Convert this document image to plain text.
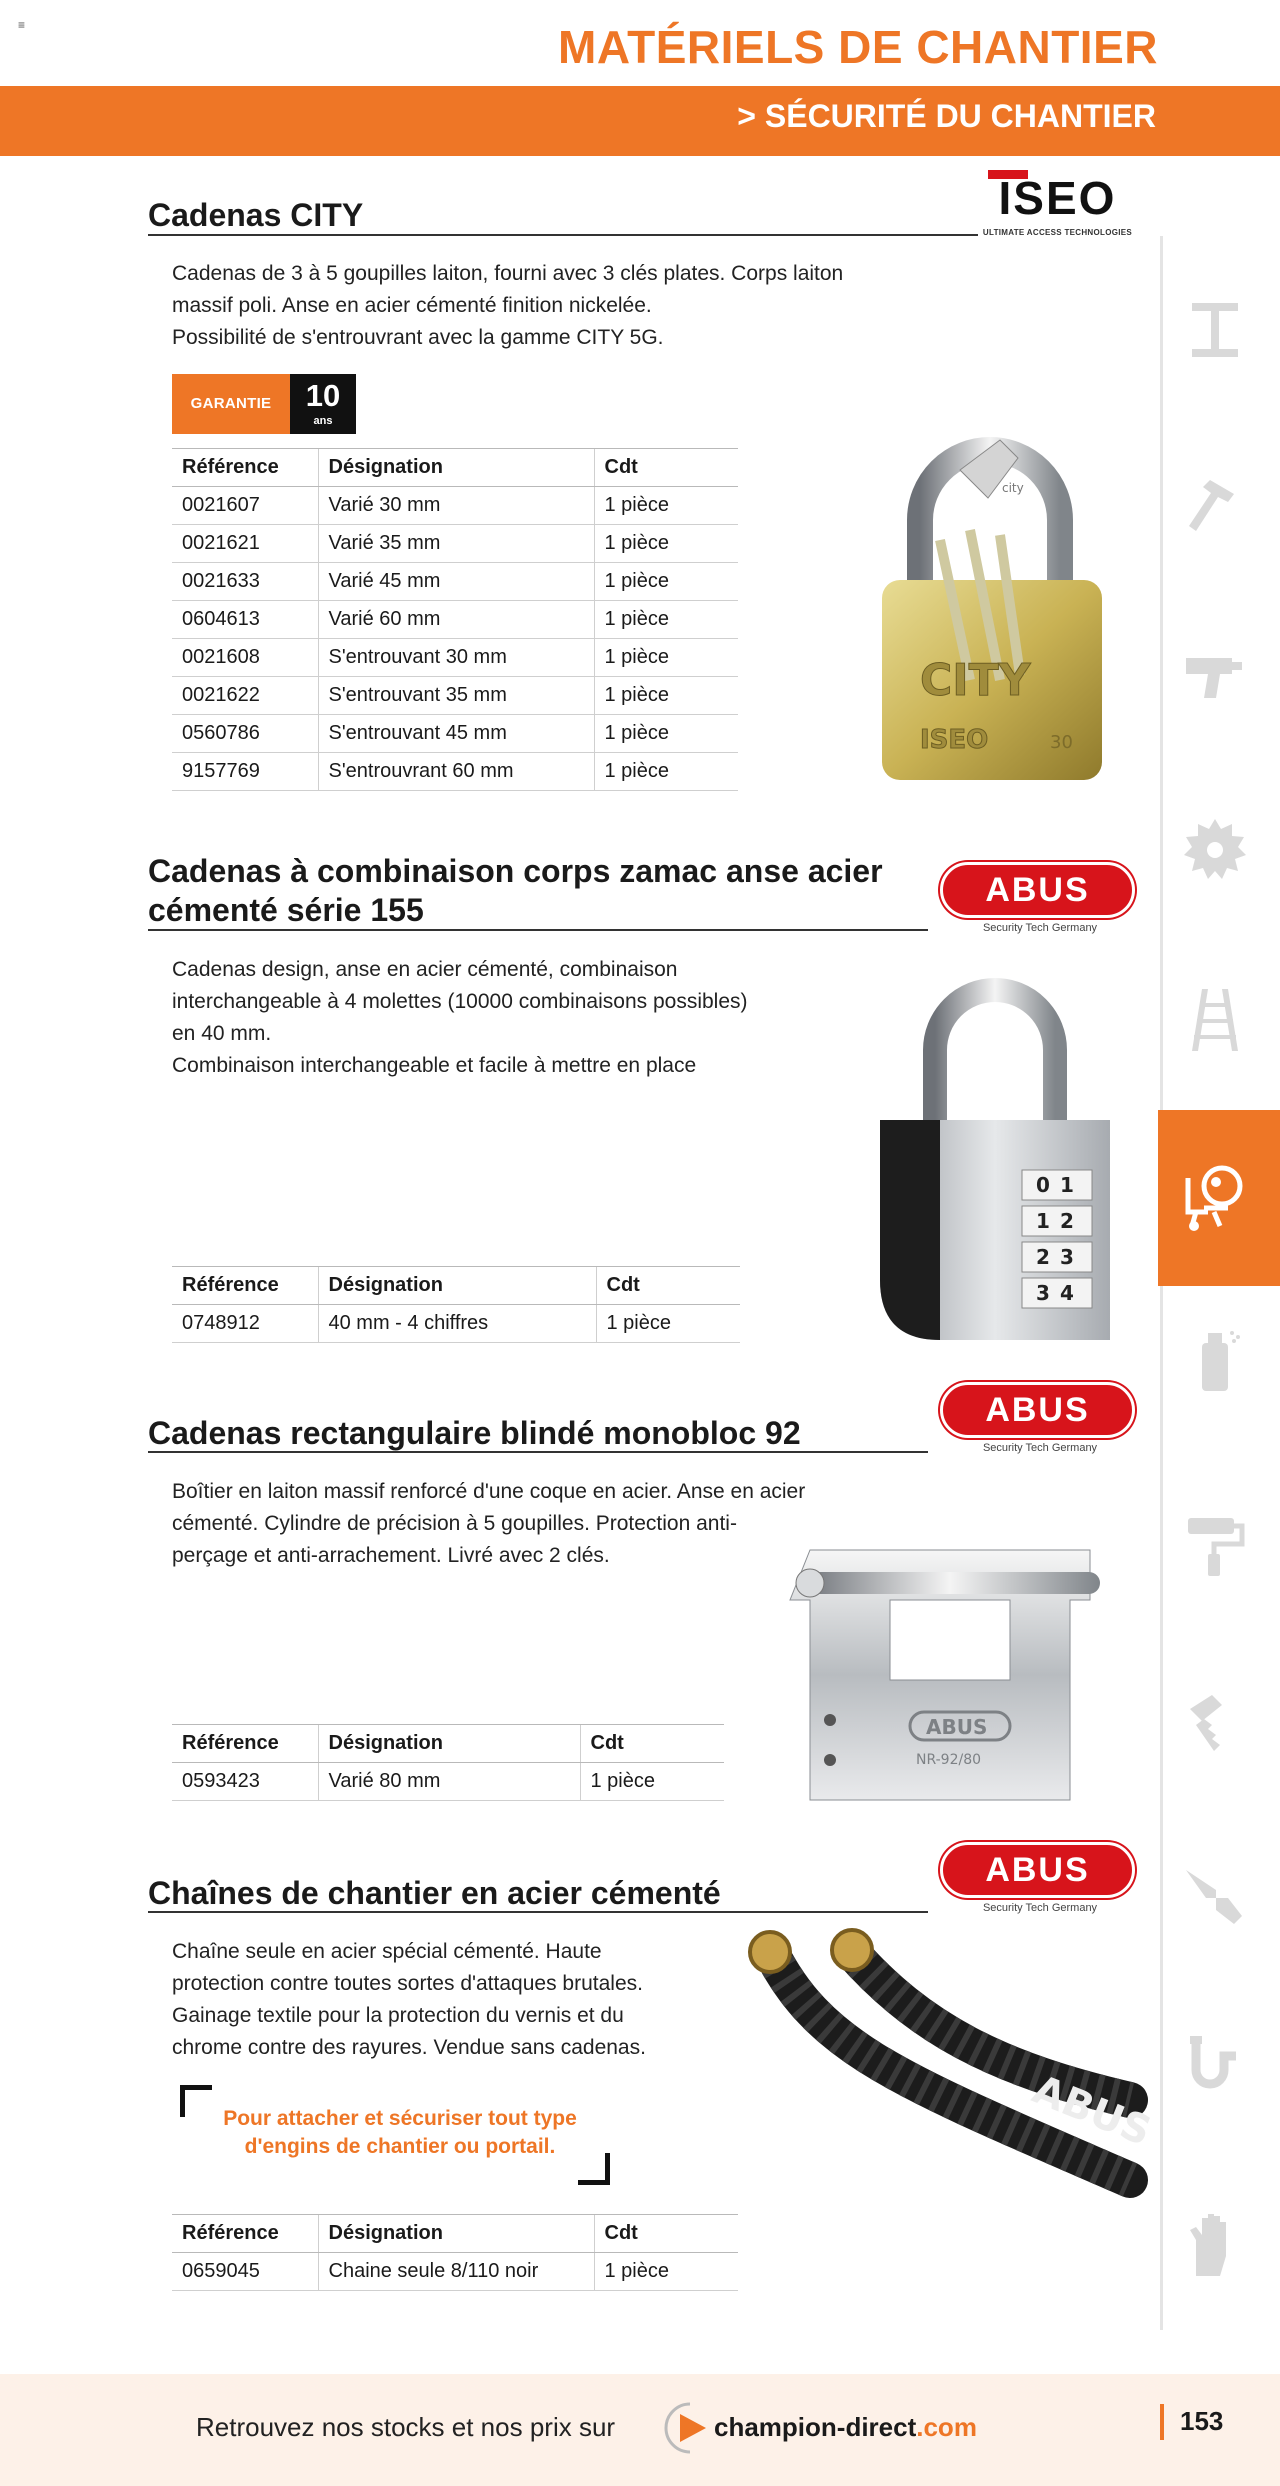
≡	MATÉRIELS DE CHANTIER
> SÉCURITÉ DU CHANTIER
Cadenas CITY	ISEO
ULTIMATE ACCESS TECHNOLOGIES

Cadenas de 3 à 5 goupilles laiton, fourni avec 3 clés plates. Corps laiton

massif poli. Anse en acier cémenté finition nickelée.

Possibilité de s'entrouvrant avec la gamme CITY 5G.

GARANTIE	10
ans
Référence	Désignation	Cdt
0021607	Varié 30 mm	1 pièce
0021621	Varié 35 mm	1 pièce
0021633	Varié 45 mm	1 pièce
0604613	Varié 60 mm	1 pièce
0021608	S'entrouvant 30 mm	1 pièce
0021622	S'entrouvant 35 mm	1 pièce
0560786	S'entrouvant 45 mm	1 pièce
9157769	S'entrouvrant 60 mm	1 pièce
CITY
ISEO	30
city
Cadenas à combinaison corps zamac anse acier
cémenté série 155
ABUS
Security Tech Germany

Cadenas design, anse en acier cémenté, combinaison

interchangeable à 4 molettes (10000 combinaisons possibles)

en 40 mm.

Combinaison interchangeable et facile à mettre en place

Référence	Désignation	Cdt
0748912	40 mm - 4 chiffres	1 pièce
0 1
1 2
2 3
3 4
Cadenas rectangulaire blindé monobloc 92
ABUS
Security Tech Germany

Boîtier en laiton massif renforcé d'une coque en acier. Anse en acier

cémenté. Cylindre de précision à 5 goupilles. Protection anti-

perçage et anti-arrachement. Livré avec 2 clés.

Référence	Désignation	Cdt
0593423	Varié 80 mm	1 pièce
ABUS
NR-92/80
Chaînes de chantier en acier cémenté
ABUS
Security Tech Germany

Chaîne seule en acier spécial cémenté. Haute

protection contre toutes sortes d'attaques brutales.

Gainage textile pour la protection du vernis et du

chrome contre des rayures. Vendue sans cadenas.

Pour attacher et sécuriser tout type
d'engins de chantier ou portail.
Référence	Désignation	Cdt
0659045	Chaine seule 8/110 noir	1 pièce
ABUS
Retrouvez nos stocks et nos prix sur	champion-direct.com	153
